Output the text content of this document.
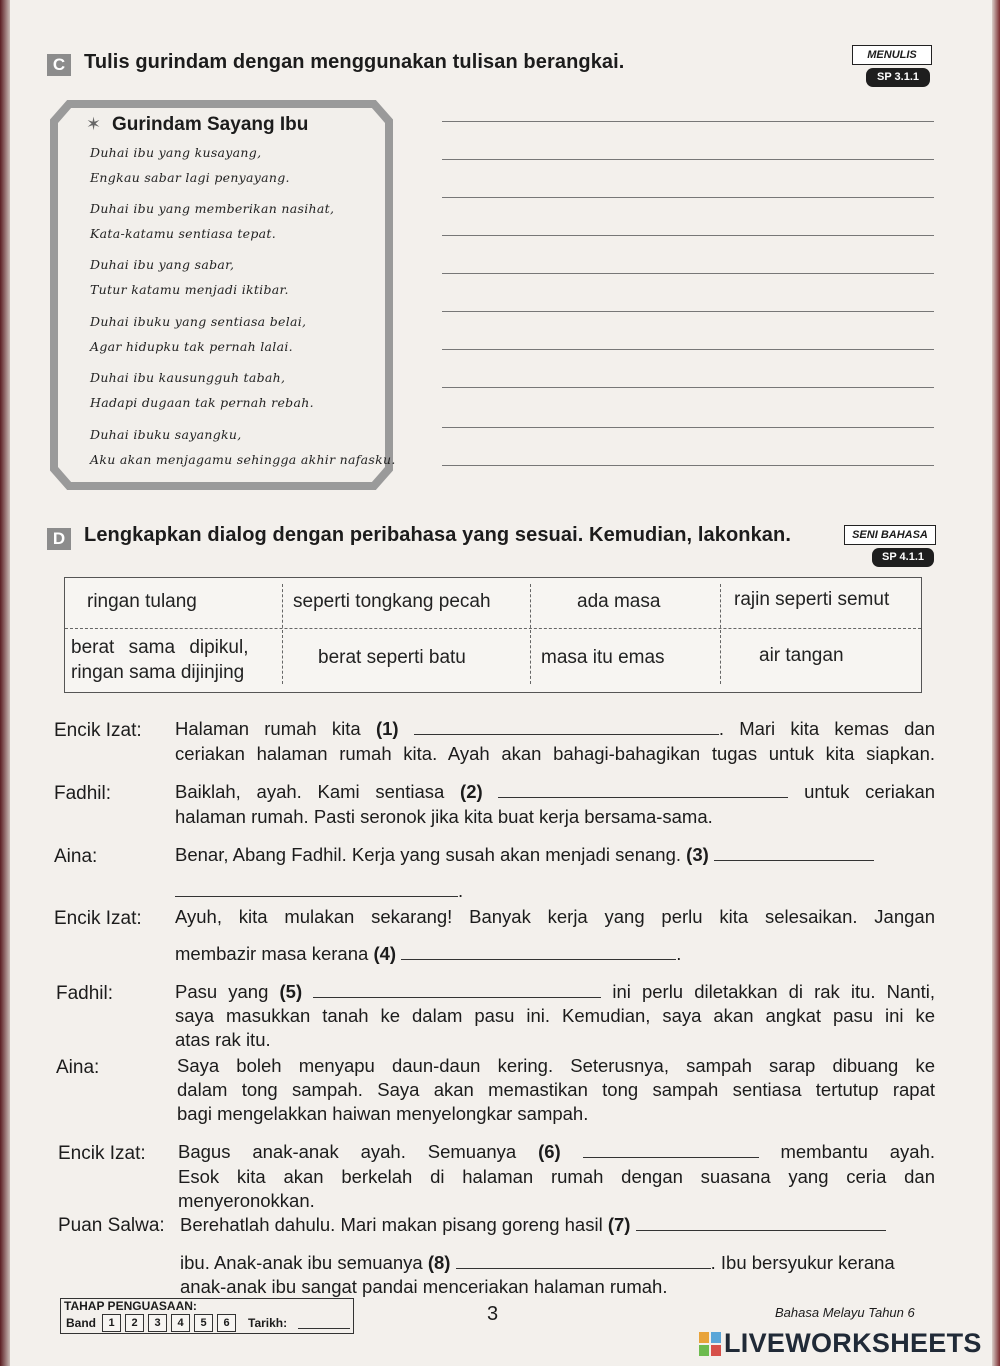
C Tulis gurindam dengan menggunakan tulisan berangkai.	MENULIS
SP 3.1.1
✶ Gurindam Sayang Ibu
Duhai ibu yang kusayang,
Engkau sabar lagi penyayang.
Duhai ibu yang memberikan nasihat,
Kata-katamu sentiasa tepat.
Duhai ibu yang sabar,
Tutur katamu menjadi iktibar.
Duhai ibuku yang sentiasa belai,
Agar hidupku tak pernah lalai.
Duhai ibu kausungguh tabah,
Hadapi dugaan tak pernah rebah.
Duhai ibuku sayangku,
Aku akan menjagamu sehingga akhir nafasku.
D Lengkapkan dialog dengan peribahasa yang sesuai. Kemudian, lakonkan.	SENI BAHASA
SP 4.1.1
ringan tulang	seperti tongkang pecah	ada masa	rajin seperti semut
berat sama dipikul,
ringan sama dijinjing
berat seperti batu	masa itu emas	air tangan
Encik Izat: Halaman rumah kita (1)	. Mari kita kemas dan
ceriakan halaman rumah kita. Ayah akan bahagi-bahagikan tugas untuk kita siapkan.
Fadhil:	Baiklah, ayah. Kami sentiasa (2)	untuk ceriakan
halaman rumah. Pasti seronok jika kita buat kerja bersama-sama.
Aina:	Benar, Abang Fadhil. Kerja yang susah akan menjadi senang. (3)
.
Encik Izat: Ayuh, kita mulakan sekarang! Banyak kerja yang perlu kita selesaikan. Jangan
membazir masa kerana (4)	.
Fadhil:	Pasu yang (5)	ini perlu diletakkan di rak itu. Nanti,
saya masukkan tanah ke dalam pasu ini. Kemudian, saya akan angkat pasu ini ke
atas rak itu.
Aina:	Saya boleh menyapu daun-daun kering. Seterusnya, sampah sarap dibuang ke
dalam tong sampah. Saya akan memastikan tong sampah sentiasa tertutup rapat
bagi mengelakkan haiwan menyelongkar sampah.
Encik Izat: Bagus anak-anak ayah. Semuanya (6)	membantu ayah.
Esok kita akan berkelah di halaman rumah dengan suasana yang ceria dan
menyeronokkan.
Puan Salwa: Berehatlah dahulu. Mari makan pisang goreng hasil (7)
ibu. Anak-anak ibu semuanya (8)	. Ibu bersyukur kerana
anak-anak ibu sangat pandai menceriakan halaman rumah.
TAHAP PENGUASAAN:
Band	1	2	3	4	5	6	Tarikh:	3	Bahasa Melayu Tahun 6
LIVEWORKSHEETS
